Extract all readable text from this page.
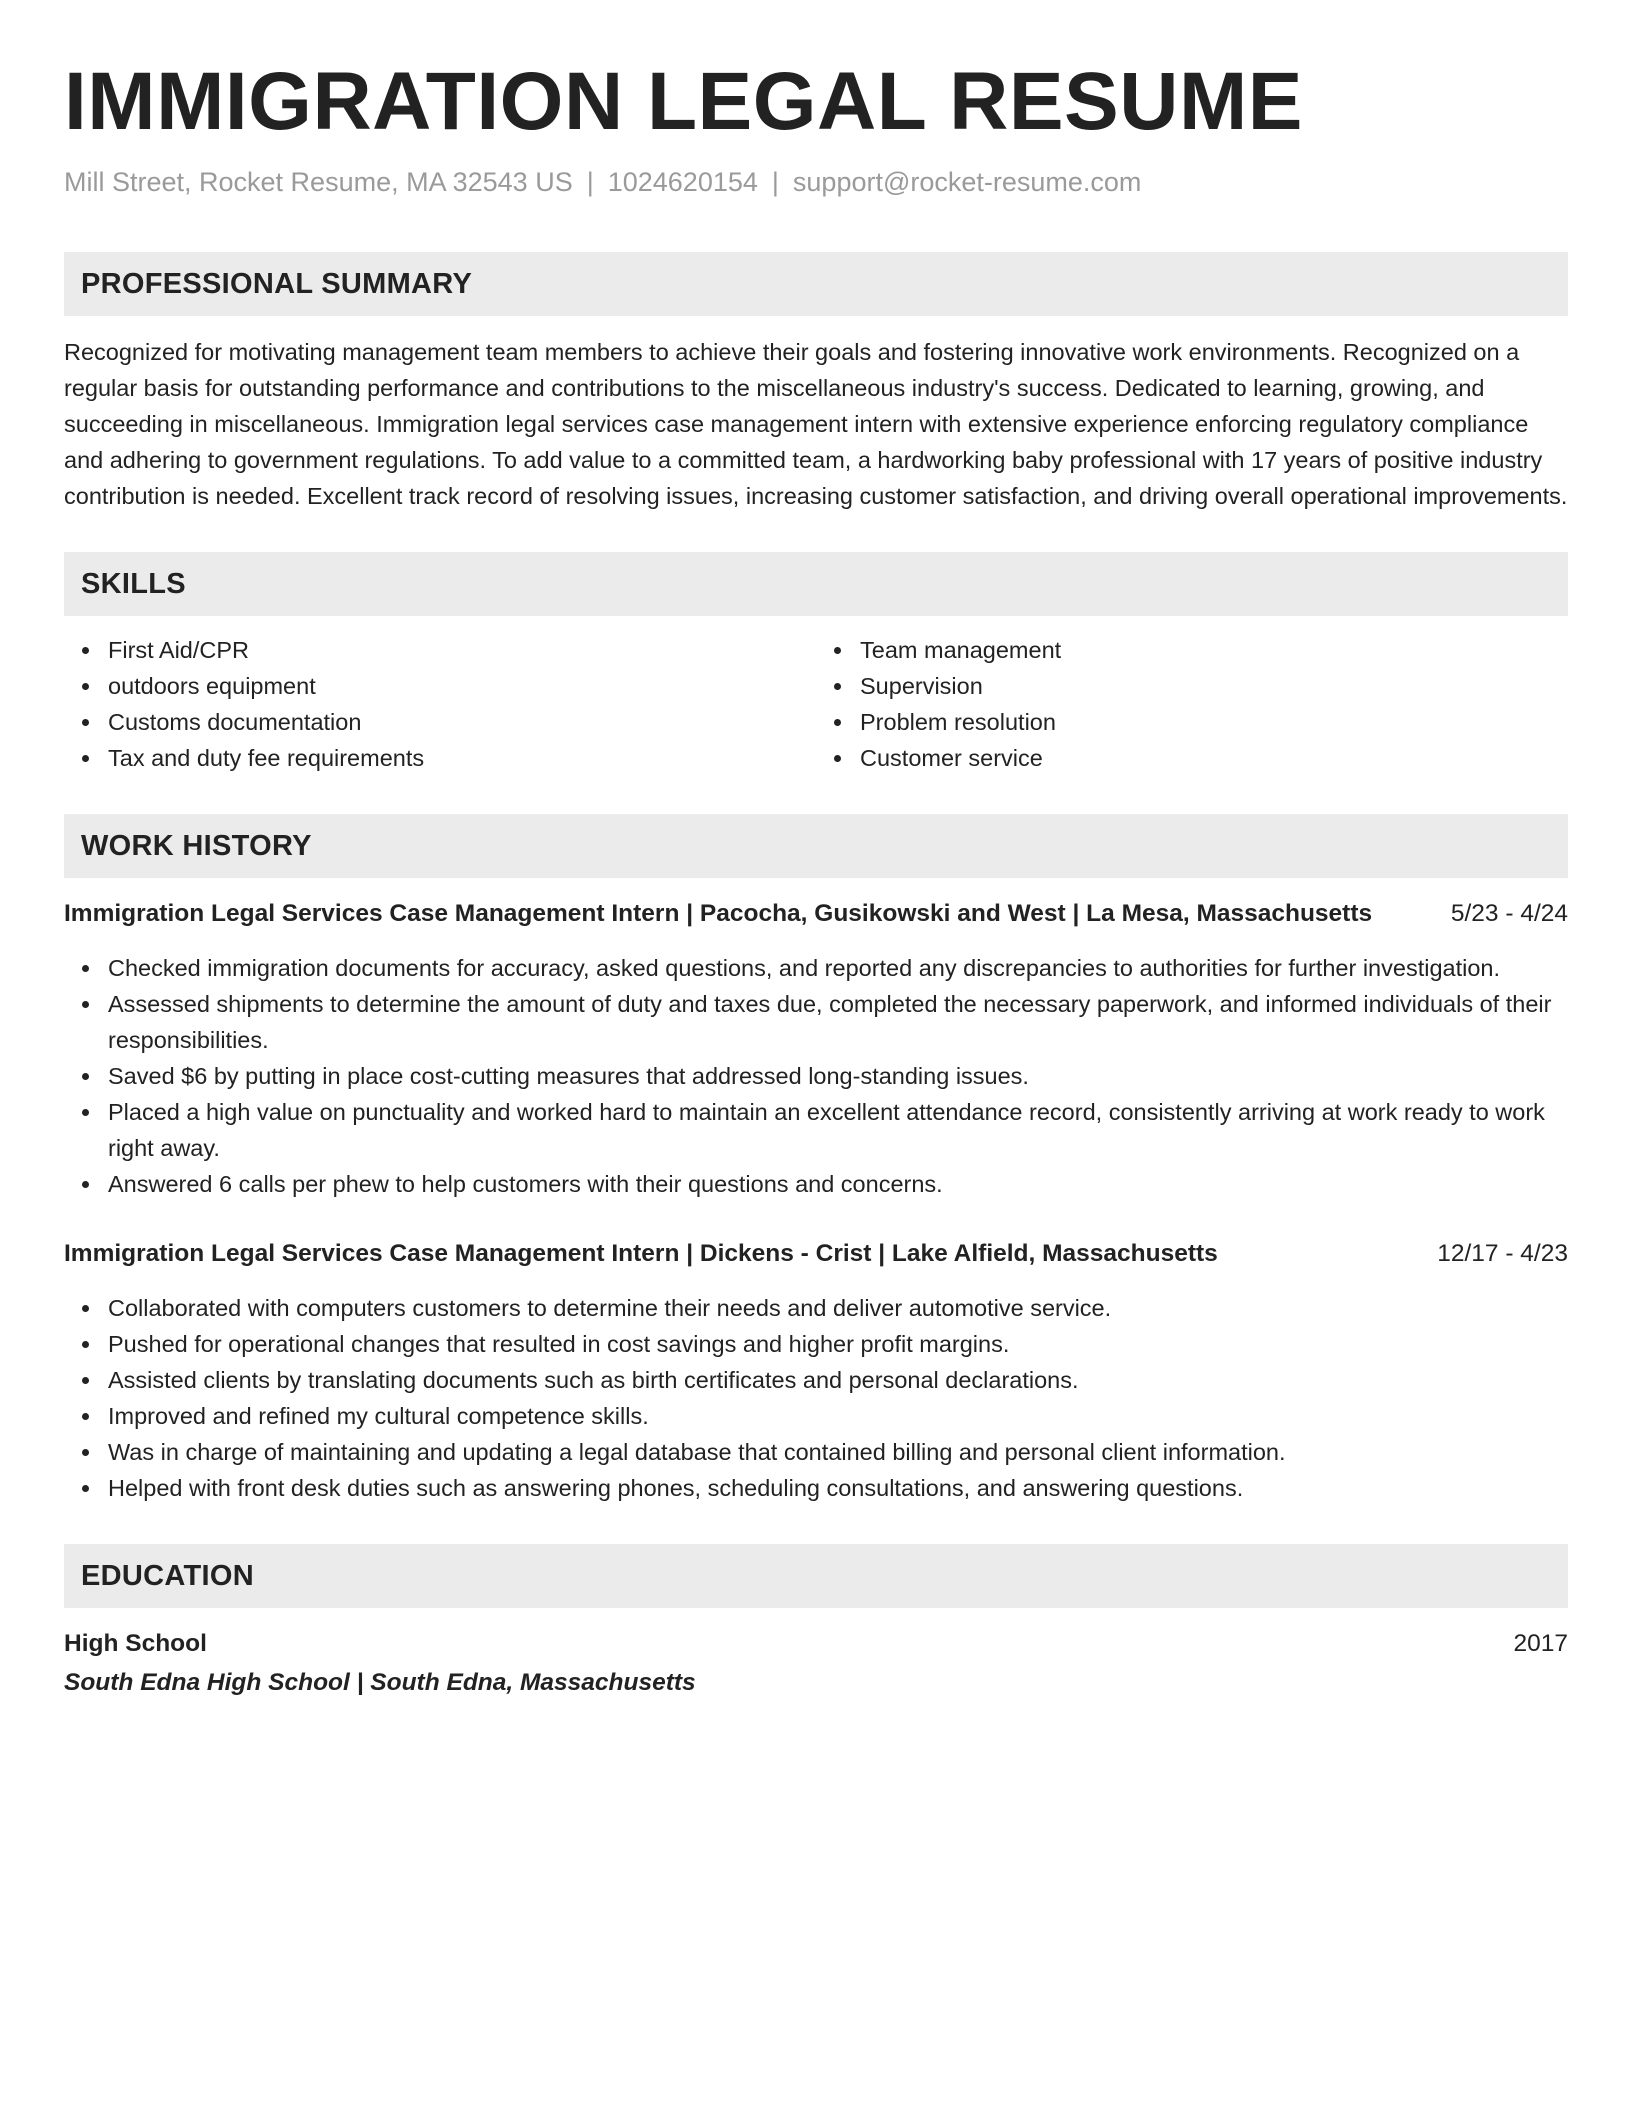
IMMIGRATION LEGAL RESUME
Mill Street, Rocket Resume, MA 32543 US | 1024620154 | support@rocket-resume.com
PROFESSIONAL SUMMARY

Recognized for motivating management team members to achieve their goals and fostering innovative work environments. Recognized on a regular basis for outstanding performance and contributions to the miscellaneous industry's success. Dedicated to learning, growing, and succeeding in miscellaneous. Immigration legal services case management intern with extensive experience enforcing regulatory compliance and adhering to government regulations. To add value to a committed team, a hardworking baby professional with 17 years of positive industry contribution is needed. Excellent track record of resolving issues, increasing customer satisfaction, and driving overall operational improvements.

SKILLS
First Aid/CPR
outdoors equipment
Customs documentation
Tax and duty fee requirements
Team management
Supervision
Problem resolution
Customer service
WORK HISTORY
Immigration Legal Services Case Management Intern | Pacocha, Gusikowski and West | La Mesa, Massachusetts	5/23 - 4/24
Checked immigration documents for accuracy, asked questions, and reported any discrepancies to authorities for further investigation.
Assessed shipments to determine the amount of duty and taxes due, completed the necessary paperwork, and informed individuals of their responsibilities.
Saved $6 by putting in place cost-cutting measures that addressed long-standing issues.
Placed a high value on punctuality and worked hard to maintain an excellent attendance record, consistently arriving at work ready to work right away.
Answered 6 calls per phew to help customers with their questions and concerns.
Immigration Legal Services Case Management Intern | Dickens - Crist | Lake Alfield, Massachusetts	12/17 - 4/23
Collaborated with computers customers to determine their needs and deliver automotive service.
Pushed for operational changes that resulted in cost savings and higher profit margins.
Assisted clients by translating documents such as birth certificates and personal declarations.
Improved and refined my cultural competence skills.
Was in charge of maintaining and updating a legal database that contained billing and personal client information.
Helped with front desk duties such as answering phones, scheduling consultations, and answering questions.
EDUCATION
High School	2017
South Edna High School | South Edna, Massachusetts
